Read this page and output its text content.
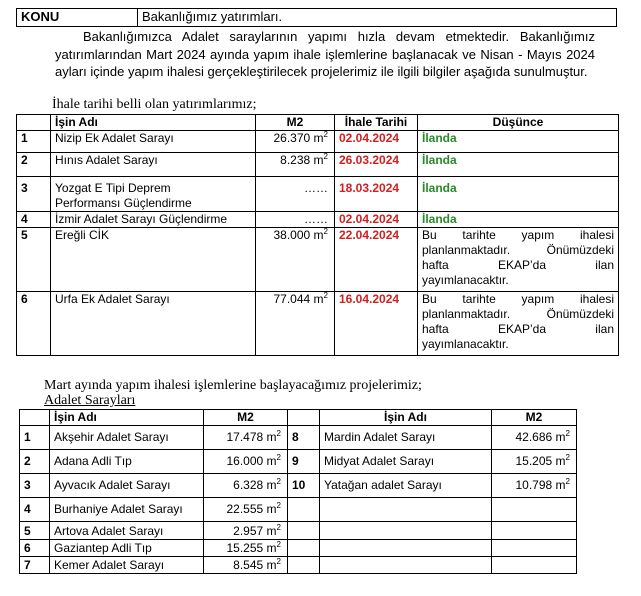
KONU	Bakanlığımız yatırımları.
Bakanlığımızca Adalet saraylarının yapımı hızla devam etmektedir. Bakanlığımız
yatırımlarından Mart 2024 ayında yapım ihale işlemlerine başlanacak ve Nisan - Mayıs 2024
ayları içinde yapım ihalesi gerçekleştirilecek projelerimiz ile ilgili bilgiler aşağıda sunulmuştur.
İhale tarihi belli olan yatırımlarımız;
	İşin Adı	M2	İhale Tarihi	Düşünce
1	Nizip Ek Adalet Sarayı	26.370 $m^2$	02.04.2024	İlanda
2	Hınıs Adalet Sarayı	8.238 $m^2$	26.03.2024	İlanda
3	Yozgat E Tipi Deprem
Performansı Güçlendirme	……	18.03.2024	İlanda
4	İzmir Adalet Sarayı Güçlendirme	……	02.04.2024	İlanda
5	Ereğli CİK	38.000 $m^2$	22.04.2024	Bu tarihte yapım ihalesi
planlanmaktadır. Önümüzdeki
hafta EKAP’da ilan
yayımlanacaktır.

6	Urfa Ek Adalet Sarayı	77.044 $m^2$	16.04.2024	Bu tarihte yapım ihalesi
planlanmaktadır. Önümüzdeki
hafta EKAP’da ilan
yayımlanacaktır.
Mart ayında yapım ihalesi işlemlerine başlayacağımız projelerimiz;
Adalet Sarayları
	İşin Adı	M2		İşin Adı	M2
1	Akşehir Adalet Sarayı	17.478 $m^2$	8	Mardin Adalet Sarayı	42.686 $m^2$
2	Adana Adli Tıp	16.000 $m^2$	9	Midyat Adalet Sarayı	15.205 $m^2$
3	Ayvacık Adalet Sarayı	6.328 $m^2$	10	Yatağan adalet Sarayı	10.798 $m^2$
4	Burhaniye Adalet Sarayı	22.555 $m^2$			
5	Artova Adalet Sarayı	2.957 $m^2$			
6	Gaziantep Adli Tıp	15.255 $m^2$			
7	Kemer Adalet Sarayı	8.545 $m^2$			
